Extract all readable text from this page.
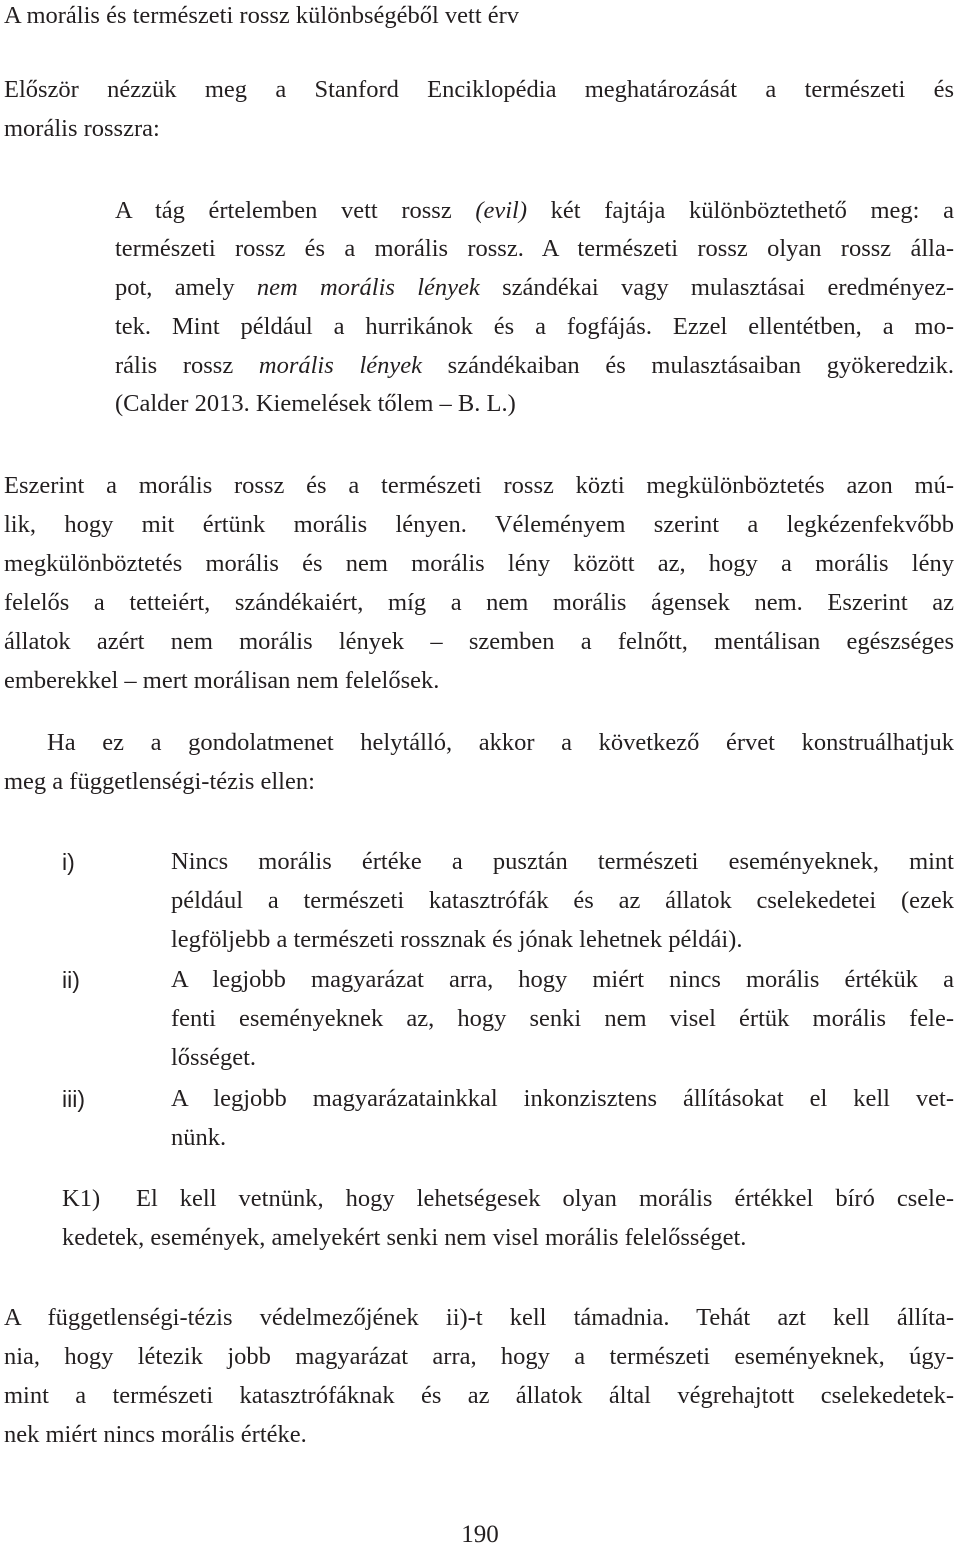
A morális és természeti rossz különbségéből vett érv
Először nézzük meg a Stanford Enciklopédia meghatározását a természeti és
morális rosszra:
A tág értelemben vett rossz (evil) két fajtája különböztethető meg: a
természeti rossz és a morális rossz. A természeti rossz olyan rossz álla-
pot, amely nem morális lények szándékai vagy mulasztásai eredményez-
tek. Mint például a hurrikánok és a fogfájás. Ezzel ellentétben, a mo-
rális rossz morális lények szándékaiban és mulasztásaiban gyökeredzik.
(Calder 2013. Kiemelések tőlem – B. L.)
Eszerint a morális rossz és a természeti rossz közti megkülönböztetés azon mú-
lik, hogy mit értünk morális lényen. Véleményem szerint a legkézenfekvőbb
megkülönböztetés morális és nem morális lény között az, hogy a morális lény
felelős a tetteiért, szándékaiért, míg a nem morális ágensek nem. Eszerint az
állatok azért nem morális lények – szemben a felnőtt, mentálisan egészséges
emberekkel – mert morálisan nem felelősek.
Ha ez a gondolatmenet helytálló, akkor a következő érvet konstruálhatjuk
meg a függetlenségi-tézis ellen:
i)	Nincs morális értéke a pusztán természeti eseményeknek, mint
például a természeti katasztrófák és az állatok cselekedetei (ezek
legföljebb a természeti rossznak és jónak lehetnek példái).
ii)	A legjobb magyarázat arra, hogy miért nincs morális értékük a
fenti eseményeknek az, hogy senki nem visel értük morális fele-
lősséget.
iii)	A legjobb magyarázatainkkal inkonzisztens állításokat el kell vet-
nünk.
K1) El kell vetnünk, hogy lehetségesek olyan morális értékkel bíró csele-
kedetek, események, amelyekért senki nem visel morális felelősséget.
A függetlenségi-tézis védelmezőjének ii)-t kell támadnia. Tehát azt kell állíta-
nia, hogy létezik jobb magyarázat arra, hogy a természeti eseményeknek, úgy-
mint a természeti katasztrófáknak és az állatok által végrehajtott cselekedetek-
nek miért nincs morális értéke.
190
